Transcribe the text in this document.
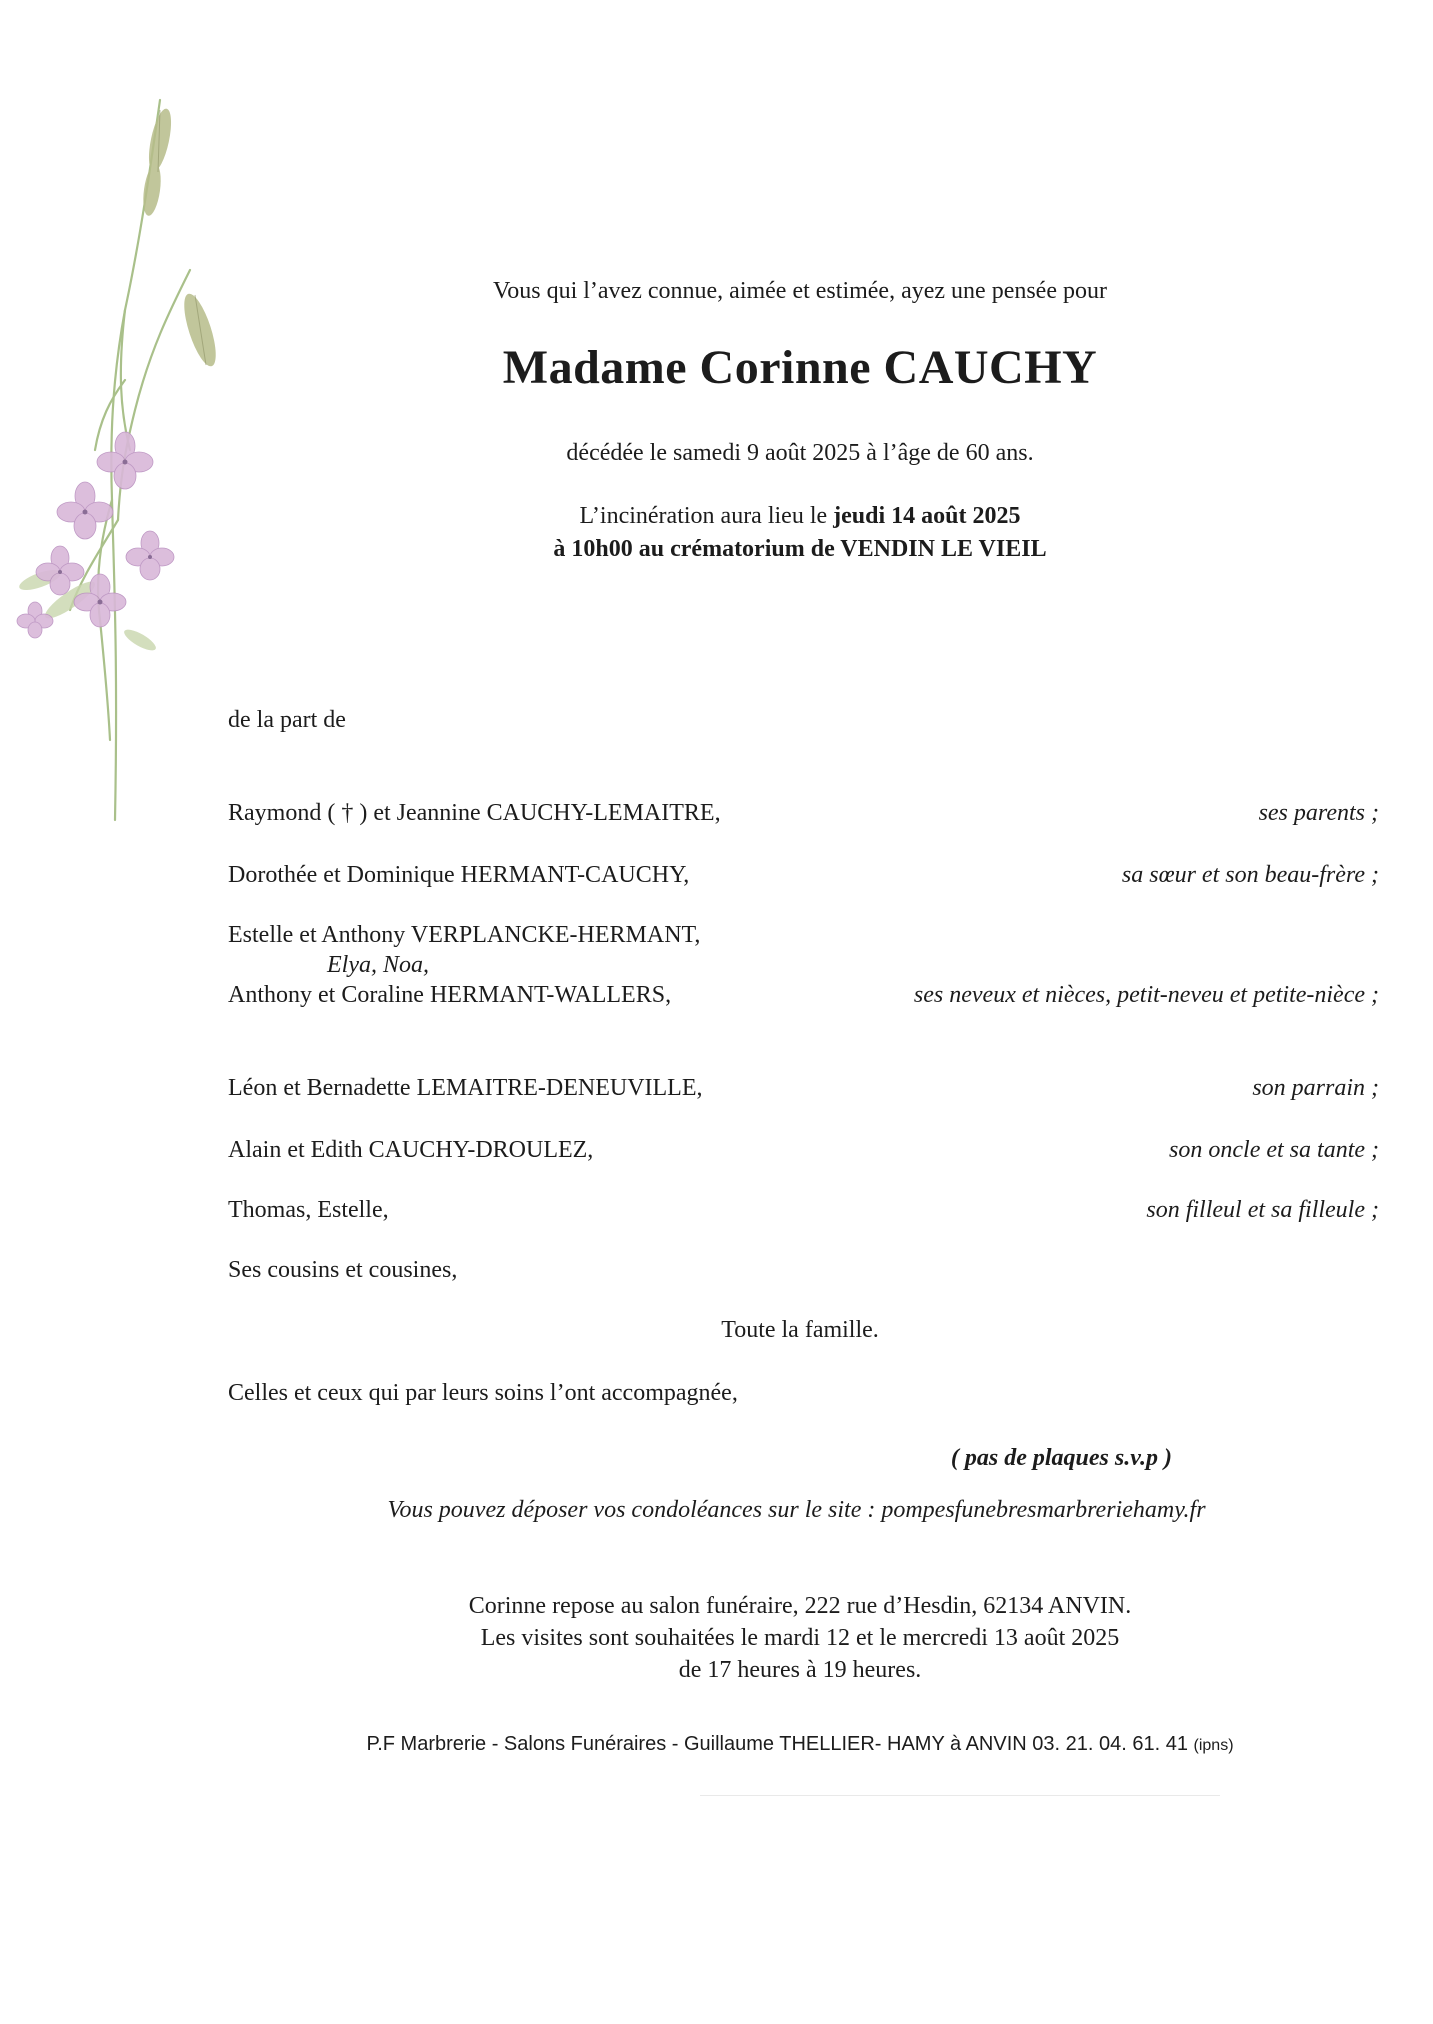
Vous qui l’avez connue, aimée et estimée, ayez une pensée pour
Madame Corinne CAUCHY
décédée le samedi 9 août 2025 à l’âge de 60 ans.
L’incinération aura lieu le jeudi 14 août 2025
à 10h00 au crématorium de VENDIN LE VIEIL
de la part de
Raymond ( † ) et Jeannine CAUCHY-LEMAITRE,	ses parents ;
Dorothée et Dominique HERMANT-CAUCHY,	sa sœur et son beau-frère ;
Estelle et Anthony VERPLANCKE-HERMANT,
Elya, Noa,
Anthony et Coraline HERMANT-WALLERS,	ses neveux et nièces, petit-neveu et petite-nièce ;
Léon et Bernadette LEMAITRE-DENEUVILLE,	son parrain ;
Alain et Edith CAUCHY-DROULEZ,	son oncle et sa tante ;
Thomas, Estelle,	son filleul et sa filleule ;
Ses cousins et cousines,
Toute la famille.
Celles et ceux qui par leurs soins l’ont accompagnée,
( pas de plaques s.v.p )
Vous pouvez déposer vos condoléances sur le site : pompesfunebresmarbreriehamy.fr
Corinne repose au salon funéraire, 222 rue d’Hesdin, 62134 ANVIN.
Les visites sont souhaitées le mardi 12 et le mercredi 13 août 2025
de 17 heures à 19 heures.
P.F Marbrerie - Salons Funéraires - Guillaume THELLIER- HAMY à ANVIN 03. 21. 04. 61. 41 (ipns)
